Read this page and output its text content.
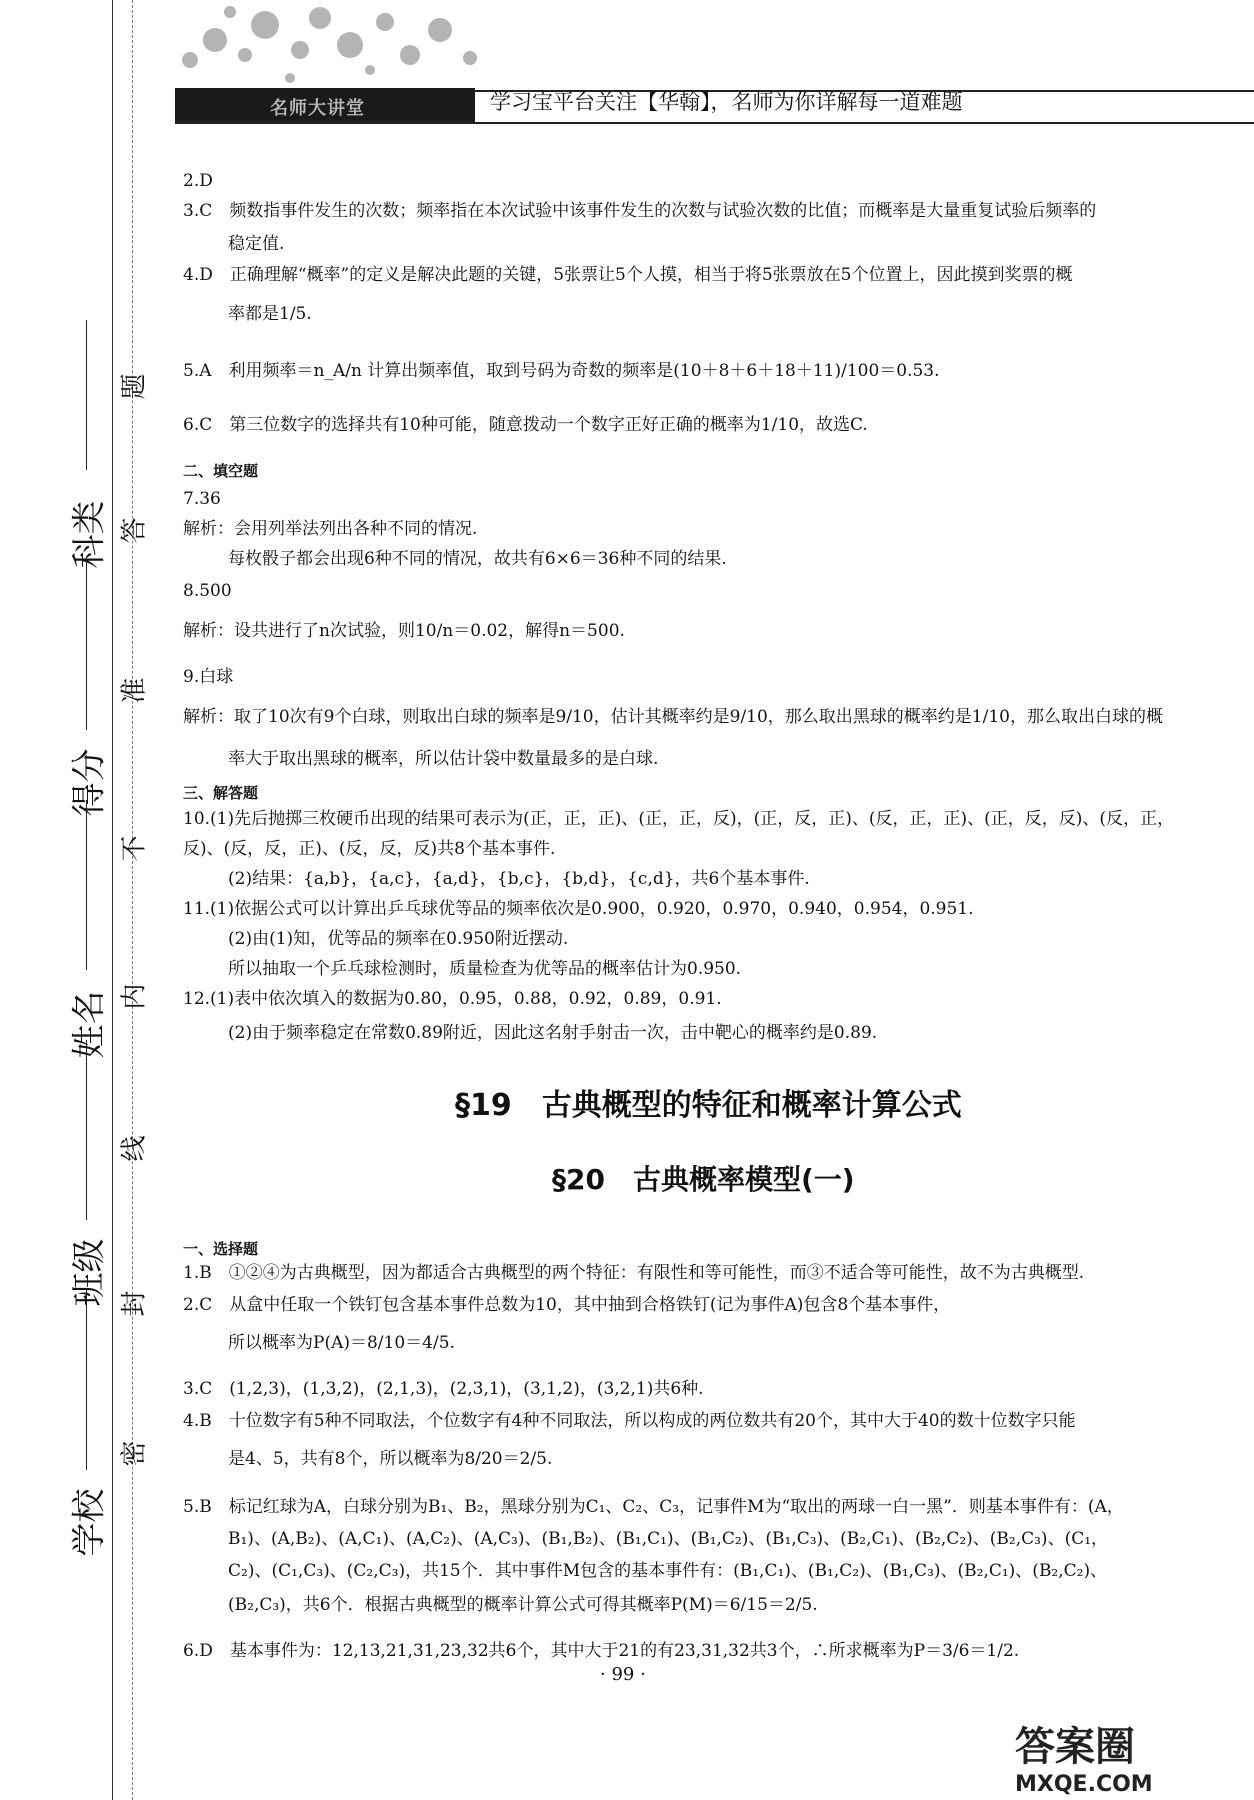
名师大讲堂	学习宝平台关注【华翰】，名师为你详解每一道难题
科类
得分
姓名
班级
学校
题
答
准
不
内
线
封
密
2.D
3.C　频数指事件发生的次数；频率指在本次试验中该事件发生的次数与试验次数的比值；而概率是大量重复试验后频率的
稳定值.
4.D　正确理解“概率”的定义是解决此题的关键，5张票让5个人摸，相当于将5张票放在5个位置上，因此摸到奖票的概
率都是1/5.
5.A　利用频率＝n_A/n 计算出频率值，取到号码为奇数的频率是(10＋8＋6＋18＋11)/100＝0.53.
6.C　第三位数字的选择共有10种可能，随意拨动一个数字正好正确的概率为1/10，故选C.
二、填空题
7.36
解析：会用列举法列出各种不同的情况.
每枚骰子都会出现6种不同的情况，故共有6×6＝36种不同的结果.
8.500
解析：设共进行了n次试验，则10/n＝0.02，解得n＝500.
9.白球
解析：取了10次有9个白球，则取出白球的频率是9/10，估计其概率约是9/10，那么取出黑球的概率约是1/10，那么取出白球的概
率大于取出黑球的概率，所以估计袋中数量最多的是白球.
三、解答题
10.(1)先后抛掷三枚硬币出现的结果可表示为(正，正，正)、(正，正，反)，(正，反，正)、(反，正，正)、(正，反，反)、(反，正，
反)、(反，反，正)、(反，反，反)共8个基本事件.
(2)结果：{a,b}，{a,c}，{a,d}，{b,c}，{b,d}，{c,d}，共6个基本事件.
11.(1)依据公式可以计算出乒乓球优等品的频率依次是0.900，0.920，0.970，0.940，0.954，0.951.
(2)由(1)知，优等品的频率在0.950附近摆动.
所以抽取一个乒乓球检测时，质量检查为优等品的概率估计为0.950.
12.(1)表中依次填入的数据为0.80，0.95，0.88，0.92，0.89，0.91.
(2)由于频率稳定在常数0.89附近，因此这名射手射击一次，击中靶心的概率约是0.89.
§19　古典概型的特征和概率计算公式
§20　古典概率模型(一)
一、选择题
1.B　①②④为古典概型，因为都适合古典概型的两个特征：有限性和等可能性，而③不适合等可能性，故不为古典概型.
2.C　从盒中任取一个铁钉包含基本事件总数为10，其中抽到合格铁钉(记为事件A)包含8个基本事件，
所以概率为P(A)＝8/10＝4/5.
3.C　(1,2,3)，(1,3,2)，(2,1,3)，(2,3,1)，(3,1,2)，(3,2,1)共6种.
4.B　十位数字有5种不同取法，个位数字有4种不同取法，所以构成的两位数共有20个，其中大于40的数十位数字只能
是4、5，共有8个，所以概率为8/20＝2/5.
5.B　标记红球为A，白球分别为B₁、B₂，黑球分别为C₁、C₂、C₃，记事件M为“取出的两球一白一黑”．则基本事件有：(A，
B₁)、(A,B₂)、(A,C₁)、(A,C₂)、(A,C₃)、(B₁,B₂)、(B₁,C₁)、(B₁,C₂)、(B₁,C₃)、(B₂,C₁)、(B₂,C₂)、(B₂,C₃)、(C₁，
C₂)、(C₁,C₃)、(C₂,C₃)，共15个．其中事件M包含的基本事件有：(B₁,C₁)、(B₁,C₂)、(B₁,C₃)、(B₂,C₁)、(B₂,C₂)、
(B₂,C₃)，共6个．根据古典概型的概率计算公式可得其概率P(M)＝6/15＝2/5.
6.D　基本事件为：12,13,21,31,23,32共6个，其中大于21的有23,31,32共3个，∴所求概率为P＝3/6＝1/2.
· 99 ·
答案圈
MXQE.COM
